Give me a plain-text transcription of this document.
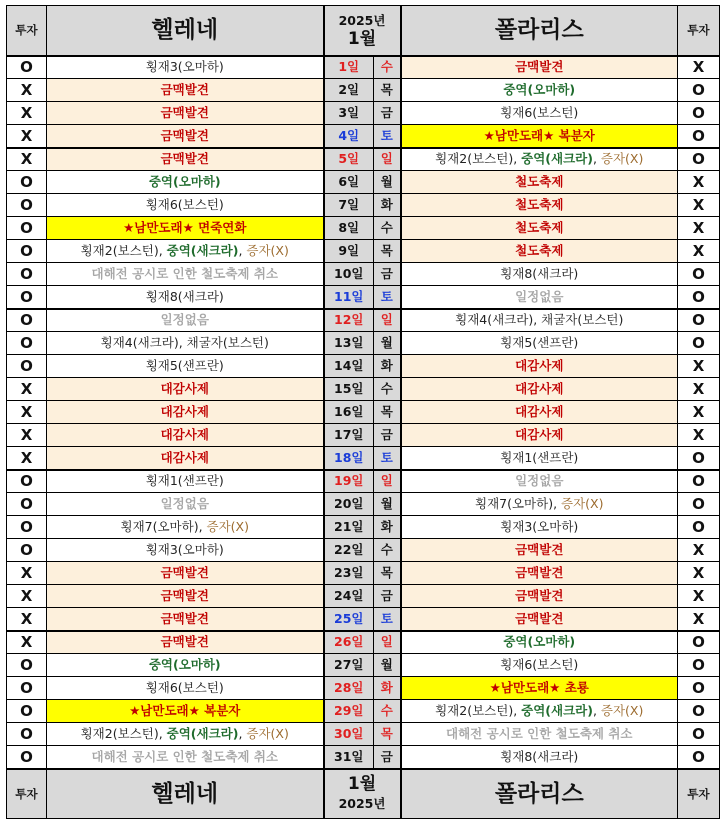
투자	헬레네	2025년
1월		폴라리스	투자
O	횡재3(오마하)	1일	수	금맥발견	X
X	금맥발견	2일	목	중역(오마하)	O
X	금맥발견	3일	금	횡재6(보스턴)	O
X	금맥발견	4일	토	★남만도래★ 복분자	O
X	금맥발견	5일	일	횡재2(보스턴), 중역(새크라), 증자(X)	O
O	중역(오마하)	6일	월	철도축제	X
O	횡재6(보스턴)	7일	화	철도축제	X
O	★남만도래★ 면죽연화	8일	수	철도축제	X
O	횡재2(보스턴), 중역(새크라), 증자(X)	9일	목	철도축제	X
O	대해전 공시로 인한 철도축제 취소	10일	금	횡재8(새크라)	O
O	횡재8(새크라)	11일	토	일정없음	O
O	일정없음	12일	일	횡재4(새크라), 채굴자(보스턴)	O
O	횡재4(새크라), 채굴자(보스턴)	13일	월	횡재5(샌프란)	O
O	횡재5(샌프란)	14일	화	대감사제	X
X	대감사제	15일	수	대감사제	X
X	대감사제	16일	목	대감사제	X
X	대감사제	17일	금	대감사제	X
X	대감사제	18일	토	횡재1(샌프란)	O
O	횡재1(샌프란)	19일	일	일정없음	O
O	일정없음	20일	월	횡재7(오마하), 증자(X)	O
O	횡재7(오마하), 증자(X)	21일	화	횡재3(오마하)	O
O	횡재3(오마하)	22일	수	금맥발견	X
X	금맥발견	23일	목	금맥발견	X
X	금맥발견	24일	금	금맥발견	X
X	금맥발견	25일	토	금맥발견	X
X	금맥발견	26일	일	중역(오마하)	O
O	중역(오마하)	27일	월	횡재6(보스턴)	O
O	횡재6(보스턴)	28일	화	★남만도래★ 초룡	O
O	★남만도래★ 복분자	29일	수	횡재2(보스턴), 중역(새크라), 증자(X)	O
O	횡재2(보스턴), 중역(새크라), 증자(X)	30일	목	대해전 공시로 인한 철도축제 취소	O
O	대해전 공시로 인한 철도축제 취소	31일	금	횡재8(새크라)	O
투자	헬레네	1월
2025년		폴라리스	투자
